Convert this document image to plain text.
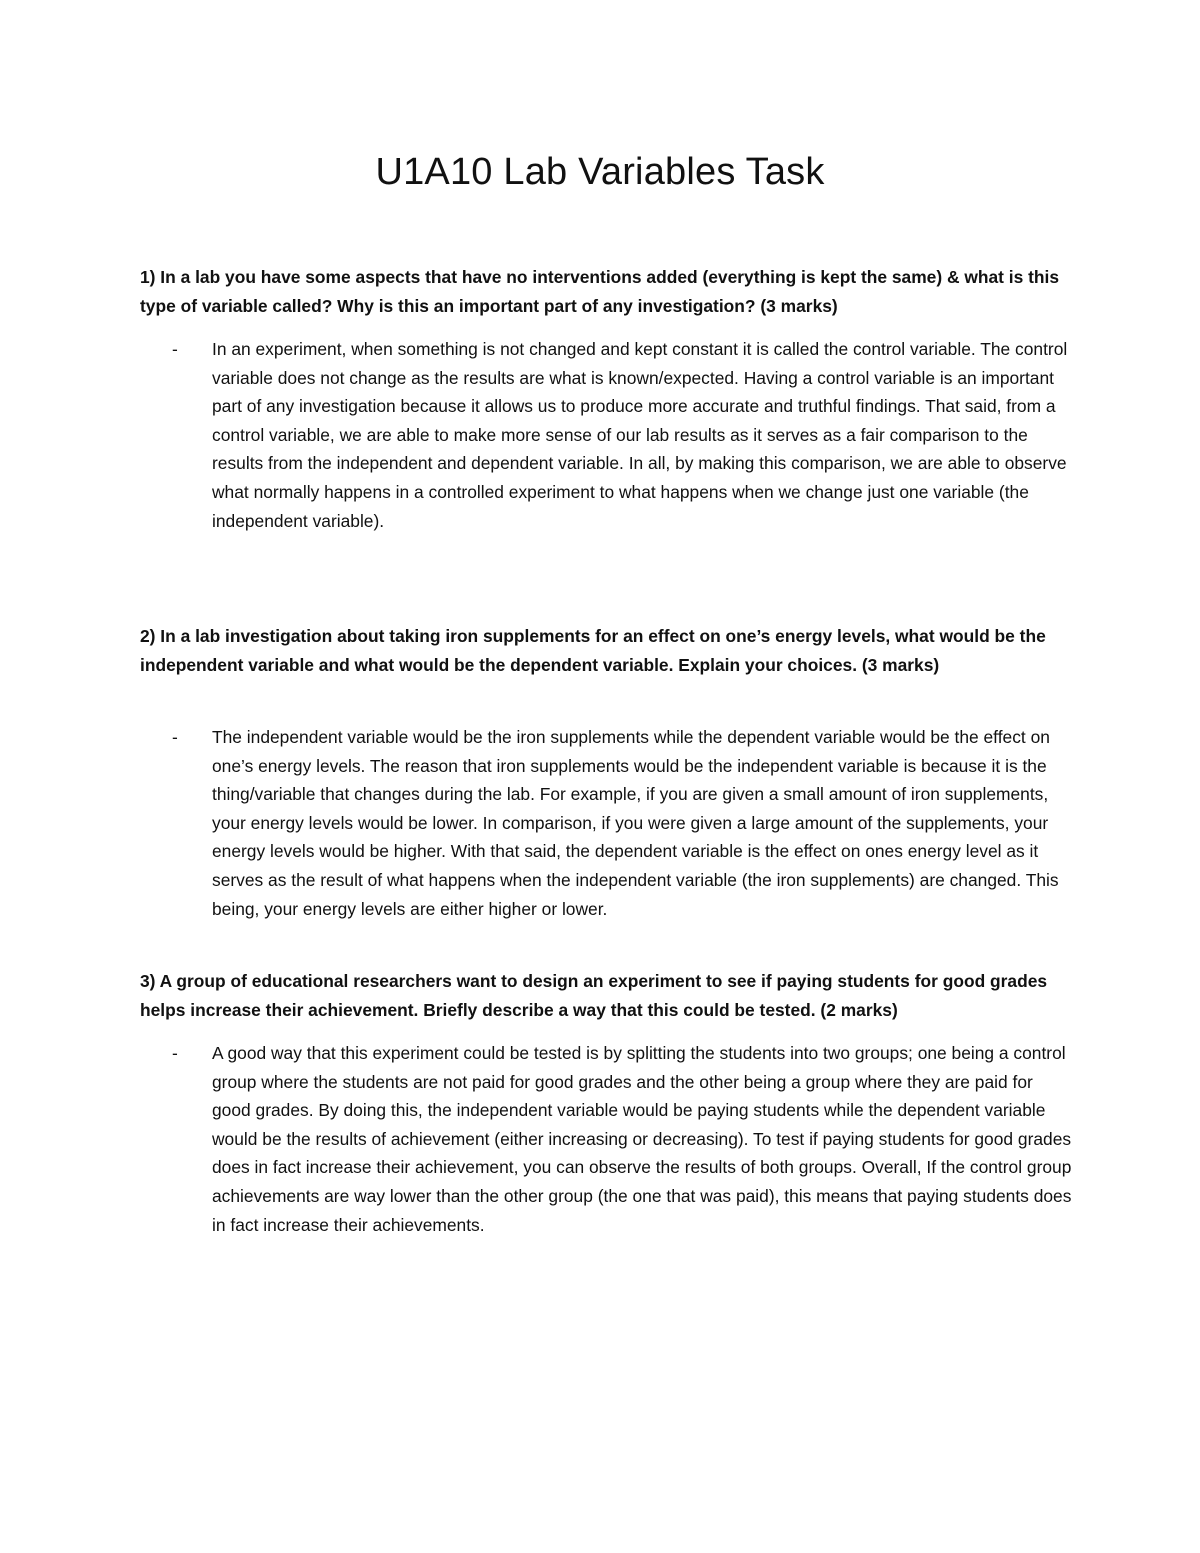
U1A10 Lab Variables Task

1) In a lab you have some aspects that have no interventions added (everything is kept the same) & what is this type of variable called? Why is this an important part of any investigation? (3 marks)

-	In an experiment, when something is not changed and kept constant it is called the control variable. The control variable does not change as the results are what is known/expected. Having a control variable is an important part of any investigation because it allows us to produce more accurate and truthful findings. That said, from a control variable, we are able to make more sense of our lab results as it serves as a fair comparison to the results from the independent and dependent variable. In all, by making this comparison, we are able to observe what normally happens in a controlled experiment to what happens when we change just one variable (the independent variable).

2) In a lab investigation about taking iron supplements for an effect on one’s energy levels, what would be the independent variable and what would be the dependent variable. Explain your choices. (3 marks)

-	The independent variable would be the iron supplements while the dependent variable would be the effect on one’s energy levels. The reason that iron supplements would be the independent variable is because it is the thing/variable that changes during the lab. For example, if you are given a small amount of iron supplements, your energy levels would be lower. In comparison, if you were given a large amount of the supplements, your energy levels would be higher. With that said, the dependent variable is the effect on ones energy level as it serves as the result of what happens when the independent variable (the iron supplements) are changed. This being, your energy levels are either higher or lower.

3) A group of educational researchers want to design an experiment to see if paying students for good grades helps increase their achievement. Briefly describe a way that this could be tested. (2 marks)

-	A good way that this experiment could be tested is by splitting the students into two groups; one being a control group where the students are not paid for good grades and the other being a group where they are paid for good grades. By doing this, the independent variable would be paying students while the dependent variable would be the results of achievement (either increasing or decreasing). To test if paying students for good grades does in fact increase their achievement, you can observe the results of both groups. Overall, If the control group achievements are way lower than the other group (the one that was paid), this means that paying students does in fact increase their achievements.
